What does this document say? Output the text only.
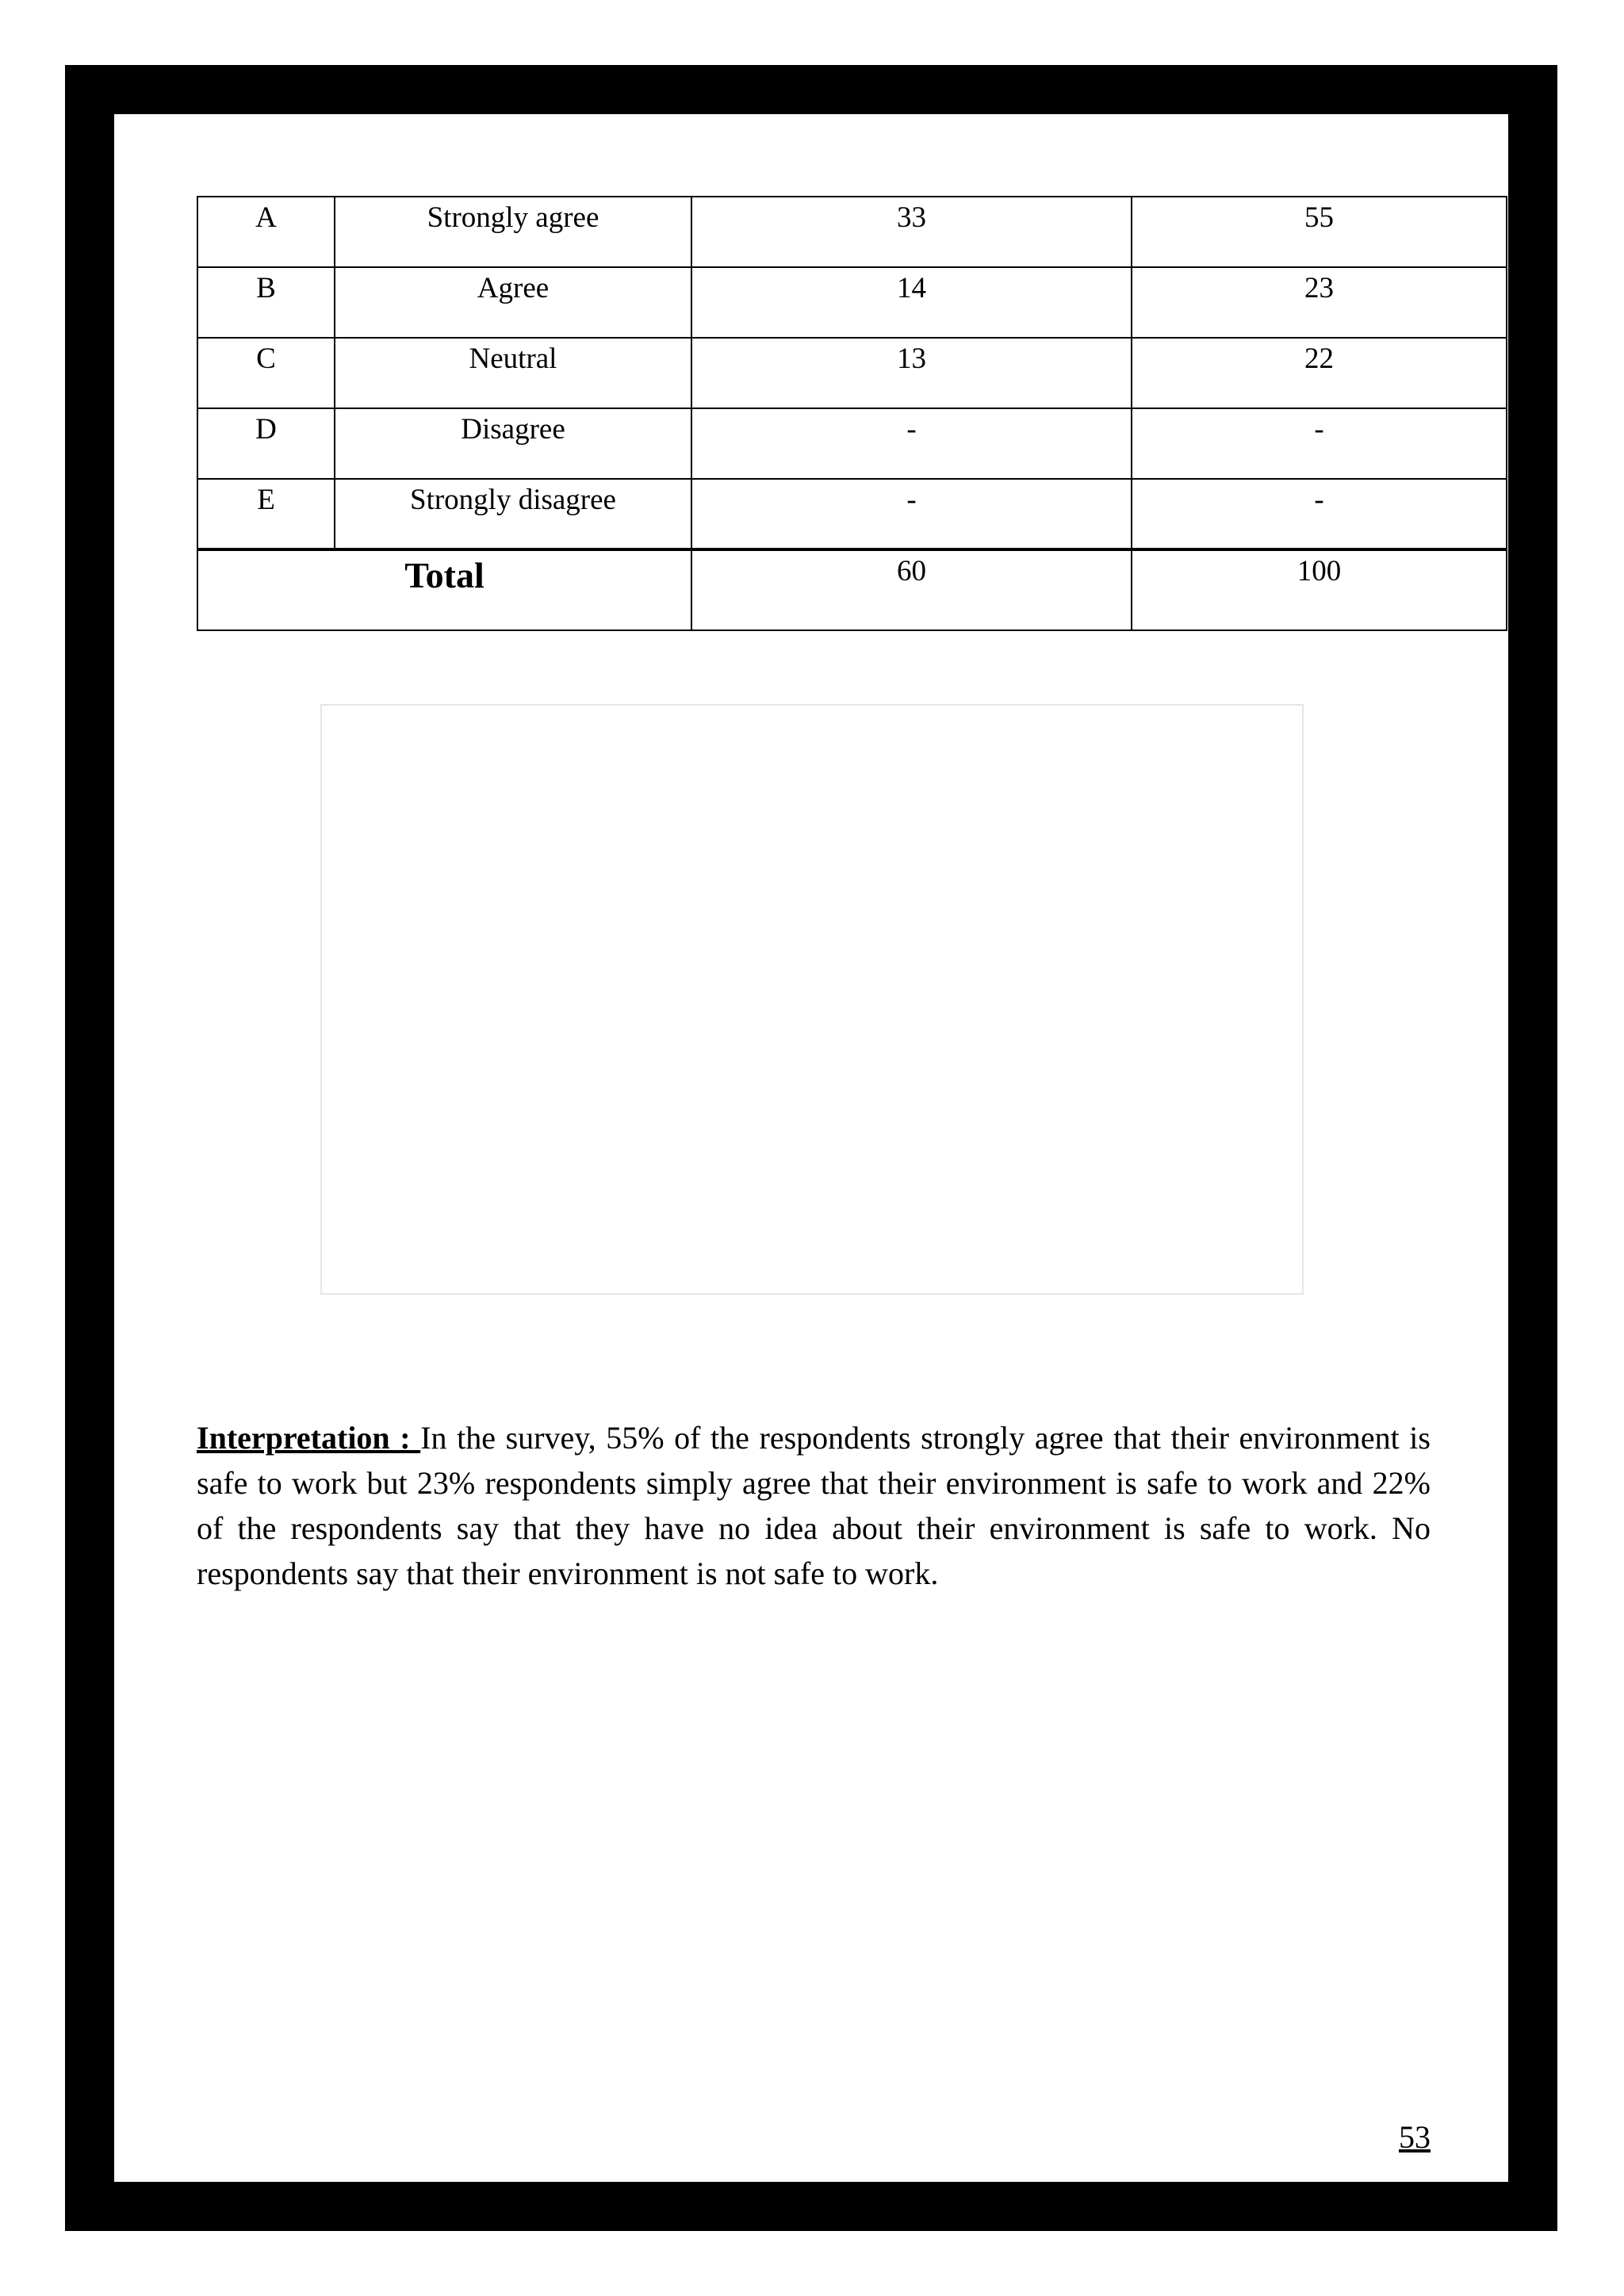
A	Strongly agree	33	55
B	Agree	14	23
C	Neutral	13	22
D	Disagree	-	-
E	Strongly disagree	-	-

Total		60	100

Interpretation : In the survey, 55% of the respondents strongly agree that their environment is safe to work but 23% respondents simply agree that their environment is safe to work and 22% of the respondents say that they have no idea about their environment is safe to work. No respondents say that their environment is not safe to work.

53
